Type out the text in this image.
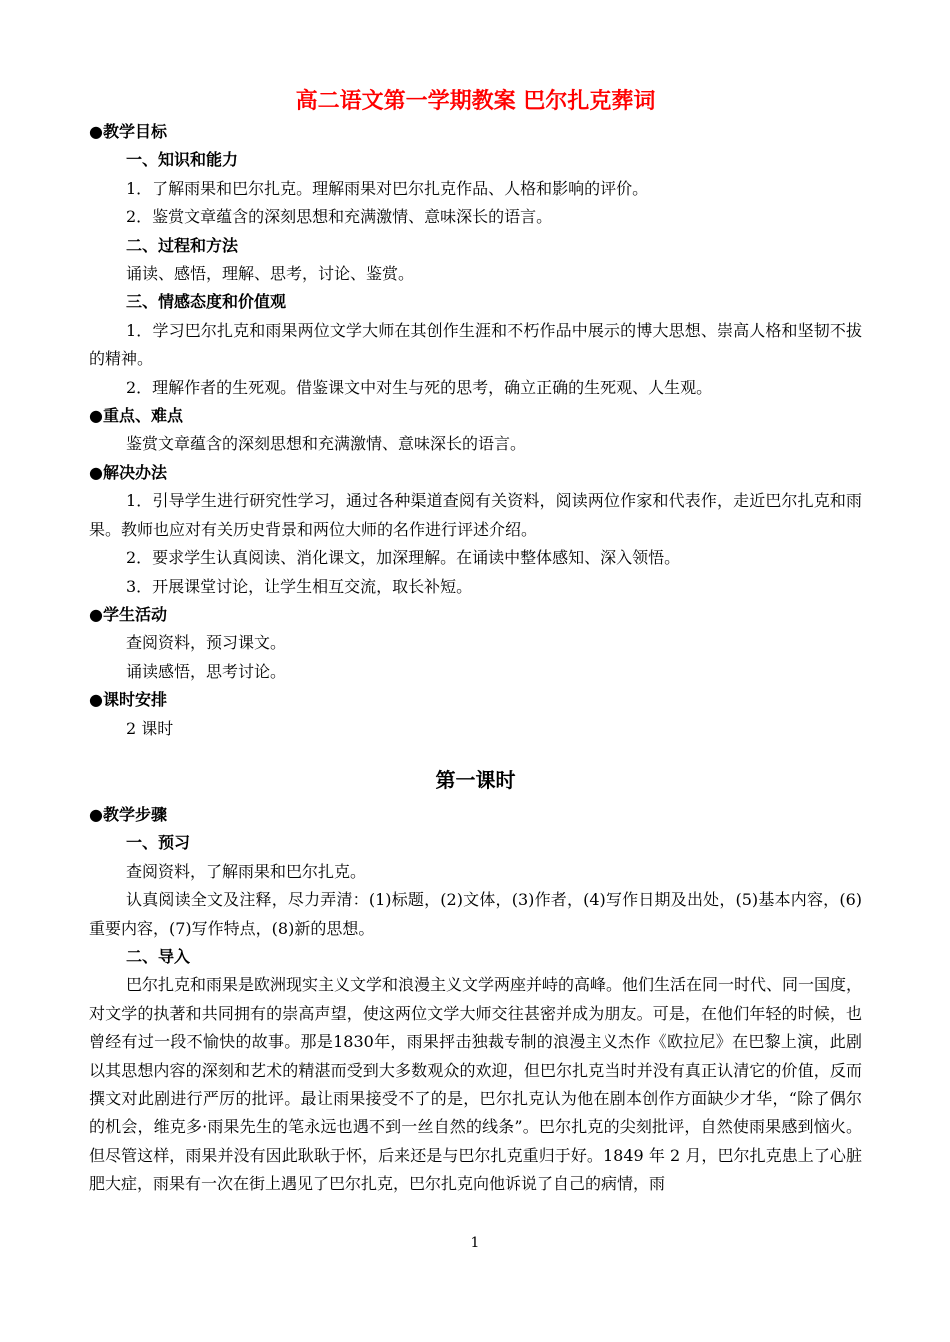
高二语文第一学期教案 巴尔扎克葬词

●教学目标

一、知识和能力

1．了解雨果和巴尔扎克。理解雨果对巴尔扎克作品、人格和影响的评价。

2．鉴赏文章蕴含的深刻思想和充满激情、意味深长的语言。

二、过程和方法

诵读、感悟，理解、思考，讨论、鉴赏。

三、情感态度和价值观

1．学习巴尔扎克和雨果两位文学大师在其创作生涯和不朽作品中展示的博大思想、崇高人格和坚韧不拔的精神。

2．理解作者的生死观。借鉴课文中对生与死的思考，确立正确的生死观、人生观。

●重点、难点

鉴赏文章蕴含的深刻思想和充满激情、意味深长的语言。

●解决办法

1．引导学生进行研究性学习，通过各种渠道查阅有关资料，阅读两位作家和代表作，走近巴尔扎克和雨果。教师也应对有关历史背景和两位大师的名作进行评述介绍。

2．要求学生认真阅读、消化课文，加深理解。在诵读中整体感知、深入领悟。

3．开展课堂讨论，让学生相互交流，取长补短。

●学生活动

查阅资料，预习课文。

诵读感悟，思考讨论。

●课时安排

2 课时

第一课时

●教学步骤

一、预习

查阅资料，了解雨果和巴尔扎克。

认真阅读全文及注释，尽力弄清：(1)标题，(2)文体，(3)作者，(4)写作日期及出处，(5)基本内容，(6)重要内容，(7)写作特点，(8)新的思想。

二、导入

巴尔扎克和雨果是欧洲现实主义文学和浪漫主义文学两座并峙的高峰。他们生活在同一时代、同一国度，对文学的执著和共同拥有的崇高声望，使这两位文学大师交往甚密并成为朋友。可是，在他们年轻的时候，也曾经有过一段不愉快的故事。那是1830年，雨果抨击独裁专制的浪漫主义杰作《欧拉尼》在巴黎上演，此剧以其思想内容的深刻和艺术的精湛而受到大多数观众的欢迎，但巴尔扎克当时并没有真正认清它的价值，反而撰文对此剧进行严厉的批评。最让雨果接受不了的是，巴尔扎克认为他在剧本创作方面缺少才华，“除了偶尔的机会，维克多·雨果先生的笔永远也遇不到一丝自然的线条”。巴尔扎克的尖刻批评，自然使雨果感到恼火。但尽管这样，雨果并没有因此耿耿于怀，后来还是与巴尔扎克重归于好。1849 年 2 月，巴尔扎克患上了心脏肥大症，雨果有一次在街上遇见了巴尔扎克，巴尔扎克向他诉说了自己的病情，雨

1
